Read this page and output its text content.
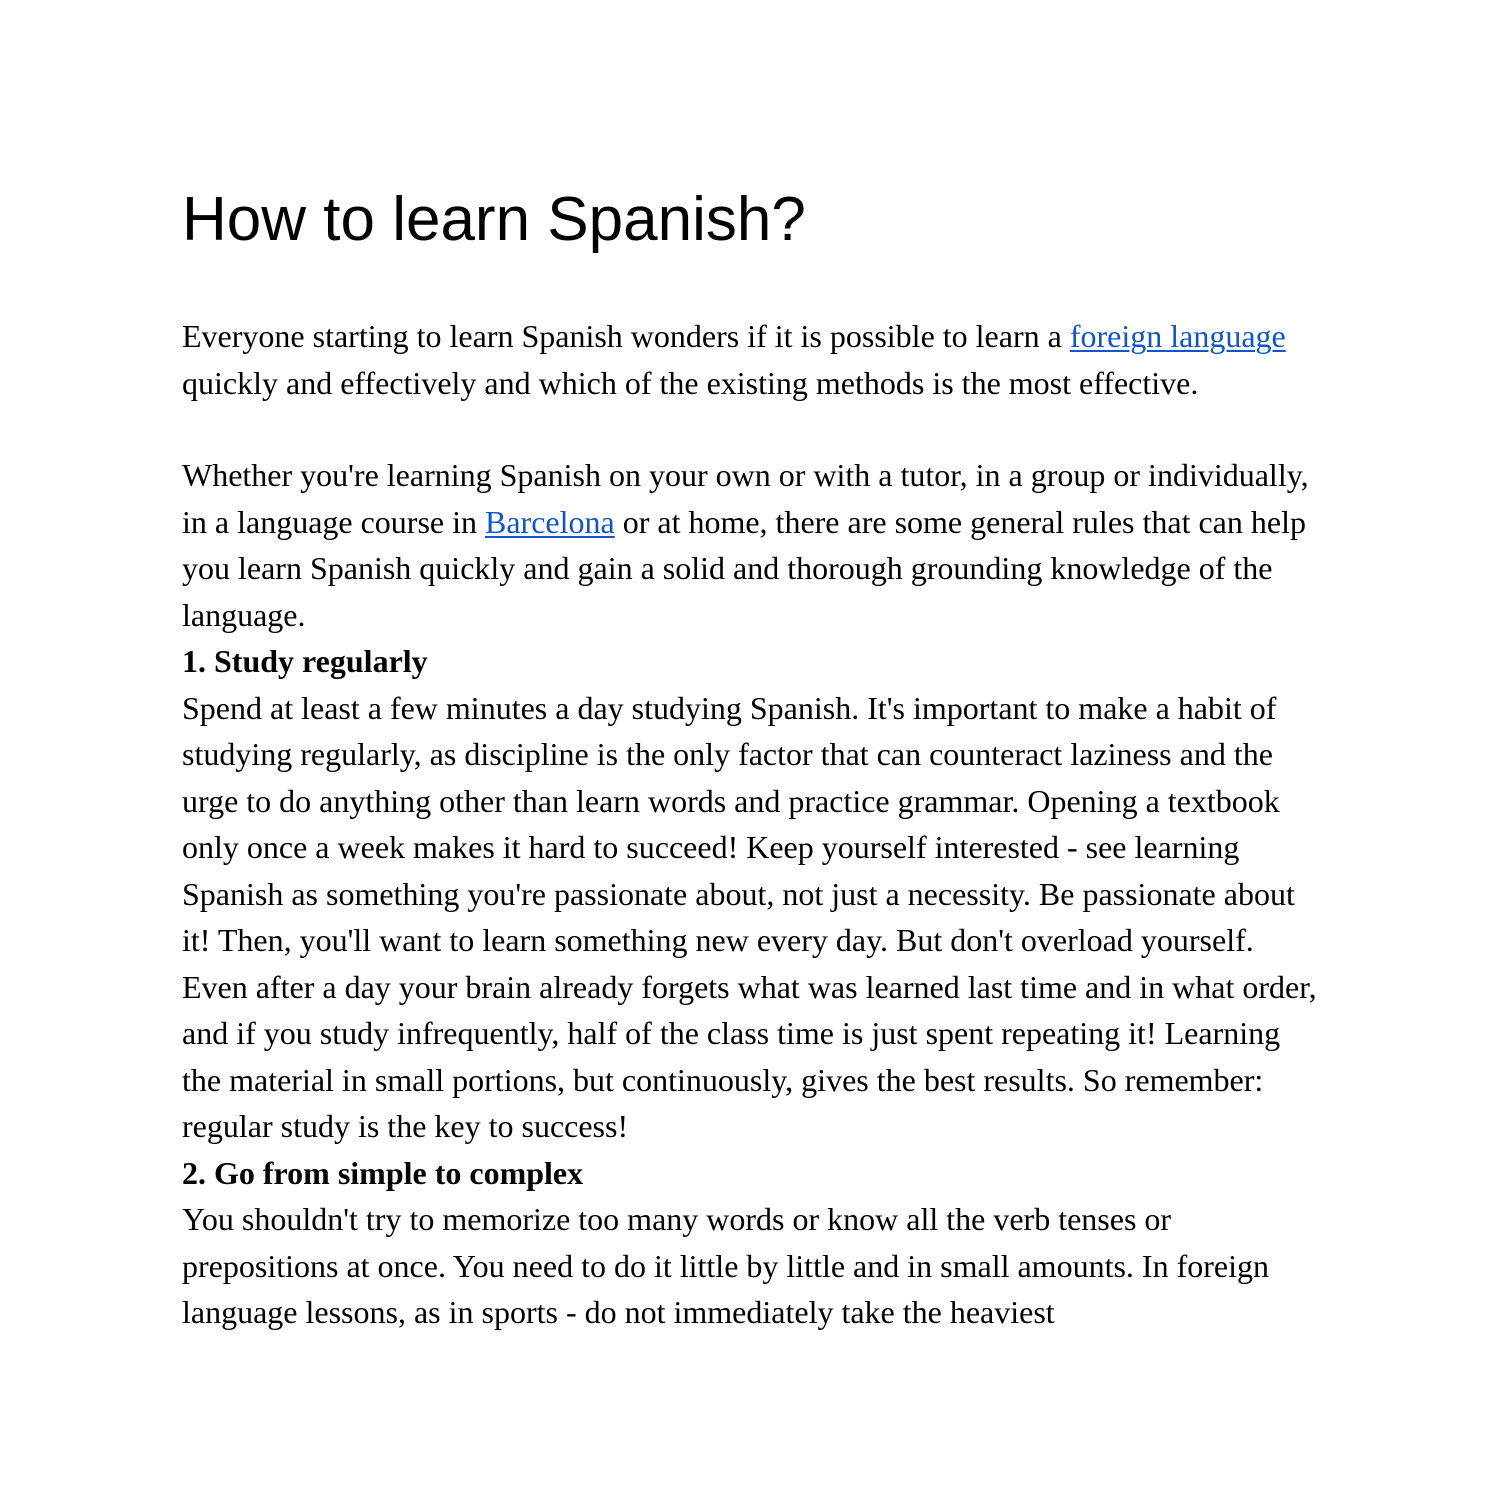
How to learn Spanish?

Everyone starting to learn Spanish wonders if it is possible to learn a foreign language quickly and effectively and which of the existing methods is the most effective.

Whether you're learning Spanish on your own or with a tutor, in a group or individually, in a language course in Barcelona or at home, there are some general rules that can help you learn Spanish quickly and gain a solid and thorough grounding knowledge of the language.

1. Study regularly

Spend at least a few minutes a day studying Spanish. It's important to make a habit of studying regularly, as discipline is the only factor that can counteract laziness and the urge to do anything other than learn words and practice grammar. Opening a textbook only once a week makes it hard to succeed! Keep yourself interested - see learning Spanish as something you're passionate about, not just a necessity. Be passionate about it! Then, you'll want to learn something new every day. But don't overload yourself. Even after a day your brain already forgets what was learned last time and in what order, and if you study infrequently, half of the class time is just spent repeating it! Learning the material in small portions, but continuously, gives the best results. So remember: regular study is the key to success!

2. Go from simple to complex

You shouldn't try to memorize too many words or know all the verb tenses or prepositions at once. You need to do it little by little and in small amounts. In foreign language lessons, as in sports - do not immediately take the heaviest
